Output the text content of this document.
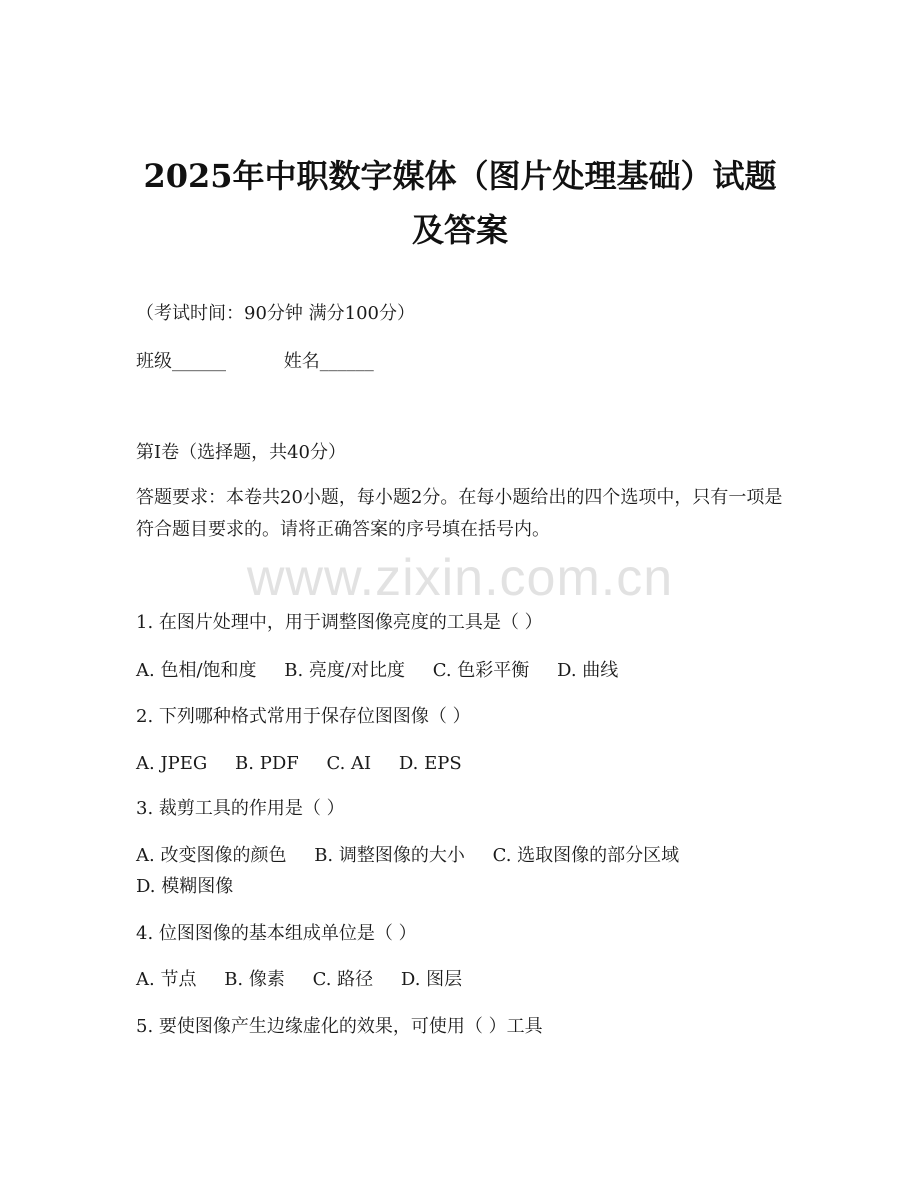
2025年中职数字媒体（图片处理基础）试题
及答案
（考试时间：90分钟 满分100分）
班级______	姓名______
第I卷（选择题，共40分）
答题要求：本卷共20小题，每小题2分。在每小题给出的四个选项中，只有一项是符合题目要求的。请将正确答案的序号填在括号内。
www.zixin.com.cn
1. 在图片处理中，用于调整图像亮度的工具是（ ）
A. 色相/饱和度 B. 亮度/对比度 C. 色彩平衡 D. 曲线
2. 下列哪种格式常用于保存位图图像（ ）
A. JPEG B. PDF C. AI D. EPS
3. 裁剪工具的作用是（ ）
A. 改变图像的颜色 B. 调整图像的大小 C. 选取图像的部分区域
D. 模糊图像
4. 位图图像的基本组成单位是（ ）
A. 节点 B. 像素 C. 路径 D. 图层
5. 要使图像产生边缘虚化的效果，可使用（ ）工具
